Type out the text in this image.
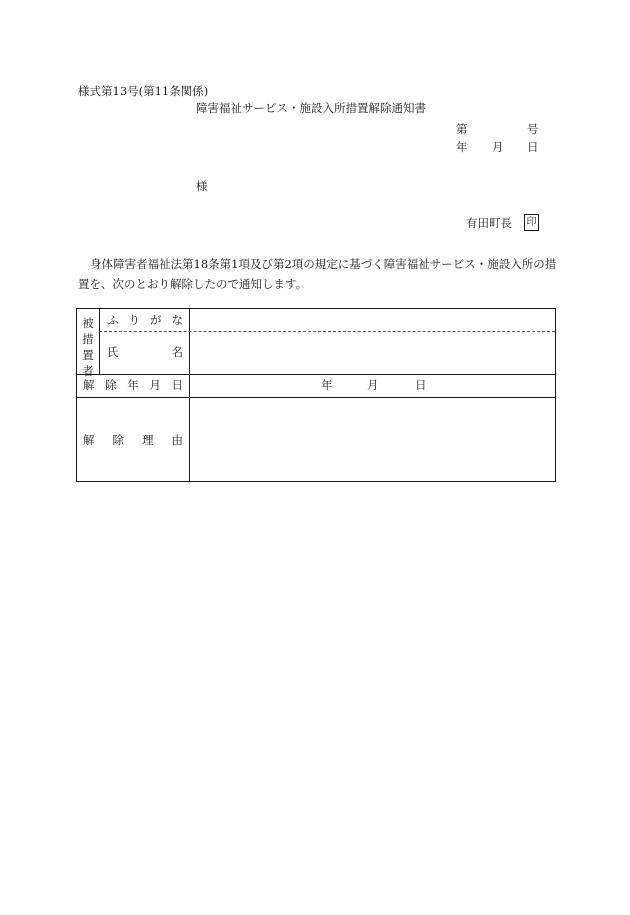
様式第13号(第11条関係)
障害福祉サービス・施設入所措置解除通知書
第	号
年 月 日
様
有田町長 印
身体障害者福祉法第18条第1項及び第2項の規定に基づく障害福祉サービス・施設入所の措置を、次のとおり解除したので通知します。
被
措
置
者
ふ り が な
氏	名
解 除 年 月 日	年	月	日
解 除 理 由
